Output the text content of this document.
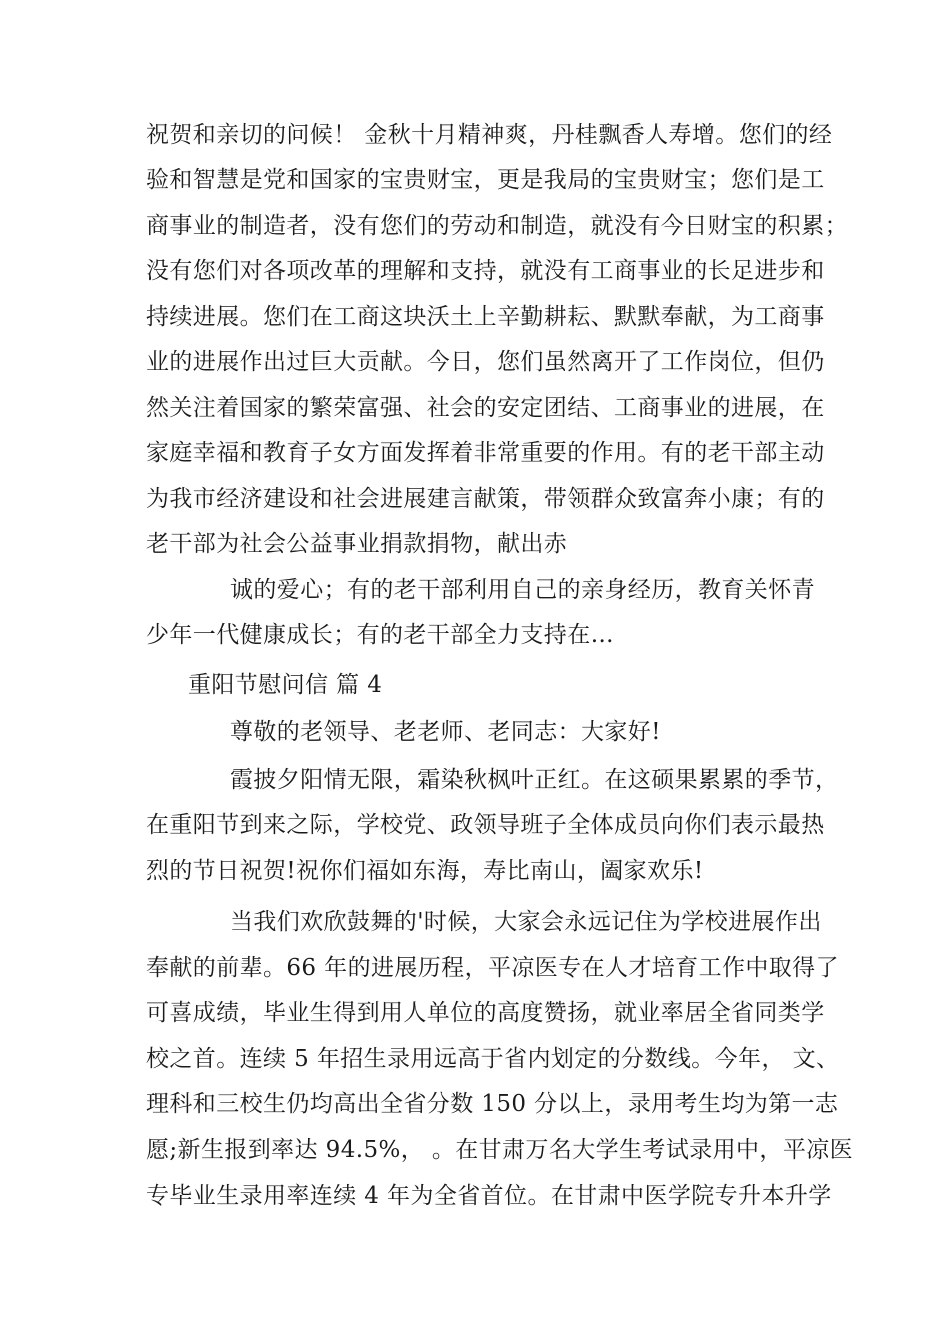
祝贺和亲切的问候！ 金秋十月精神爽，丹桂飘香人寿增。您们的经
验和智慧是党和国家的宝贵财宝，更是我局的宝贵财宝；您们是工
商事业的制造者，没有您们的劳动和制造，就没有今日财宝的积累；
没有您们对各项改革的理解和支持，就没有工商事业的长足进步和
持续进展。您们在工商这块沃土上辛勤耕耘、默默奉献，为工商事
业的进展作出过巨大贡献。今日，您们虽然离开了工作岗位，但仍
然关注着国家的繁荣富强、社会的安定团结、工商事业的进展，在
家庭幸福和教育子女方面发挥着非常重要的作用。有的老干部主动
为我市经济建设和社会进展建言献策，带领群众致富奔小康；有的
老干部为社会公益事业捐款捐物，献出赤
诚的爱心；有的老干部利用自己的亲身经历，教育关怀青
少年一代健康成长；有的老干部全力支持在…
重阳节慰问信 篇 4
尊敬的老领导、老老师、老同志：大家好!
霞披夕阳情无限，霜染秋枫叶正红。在这硕果累累的季节，
在重阳节到来之际，学校党、政领导班子全体成员向你们表示最热
烈的节日祝贺!祝你们福如东海，寿比南山，阖家欢乐!
当我们欢欣鼓舞的'时候，大家会永远记住为学校进展作出
奉献的前辈。66 年的进展历程，平凉医专在人才培育工作中取得了
可喜成绩，毕业生得到用人单位的高度赞扬，就业率居全省同类学
校之首。连续 5 年招生录用远高于省内划定的分数线。今年， 文、
理科和三校生仍均高出全省分数 150 分以上，录用考生均为第一志
愿;新生报到率达 94.5%， 。在甘肃万名大学生考试录用中，平凉医
专毕业生录用率连续 4 年为全省首位。在甘肃中医学院专升本升学
